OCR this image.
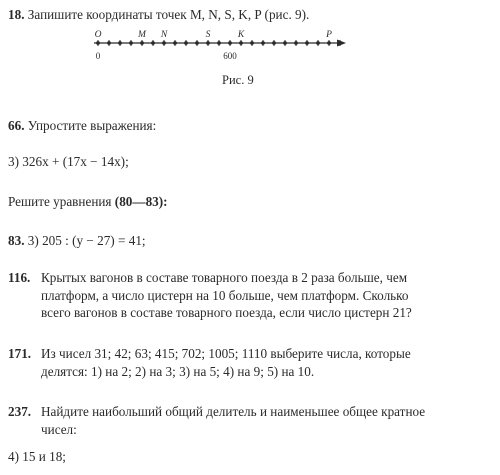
18. Запишите координаты точек M, N, S, K, P (рис. 9).
O	M N	S	K	P
0	600
Рис. 9
66. Упростите выражения:
3) 326x + (17x − 14x);
Решите уравнения (80—83):
83. 3) 205 : (y − 27) = 41;
116. Крытых вагонов в составе товарного поезда в 2 раза больше, чем
платформ, а число цистерн на 10 больше, чем платформ. Сколько
всего вагонов в составе товарного поезда, если число цистерн 21?
171. Из чисел 31; 42; 63; 415; 702; 1005; 1110 выберите числа, которые
делятся: 1) на 2; 2) на 3; 3) на 5; 4) на 9; 5) на 10.
237. Найдите наибольший общий делитель и наименьшее общее кратное
чисел:
4) 15 и 18;
